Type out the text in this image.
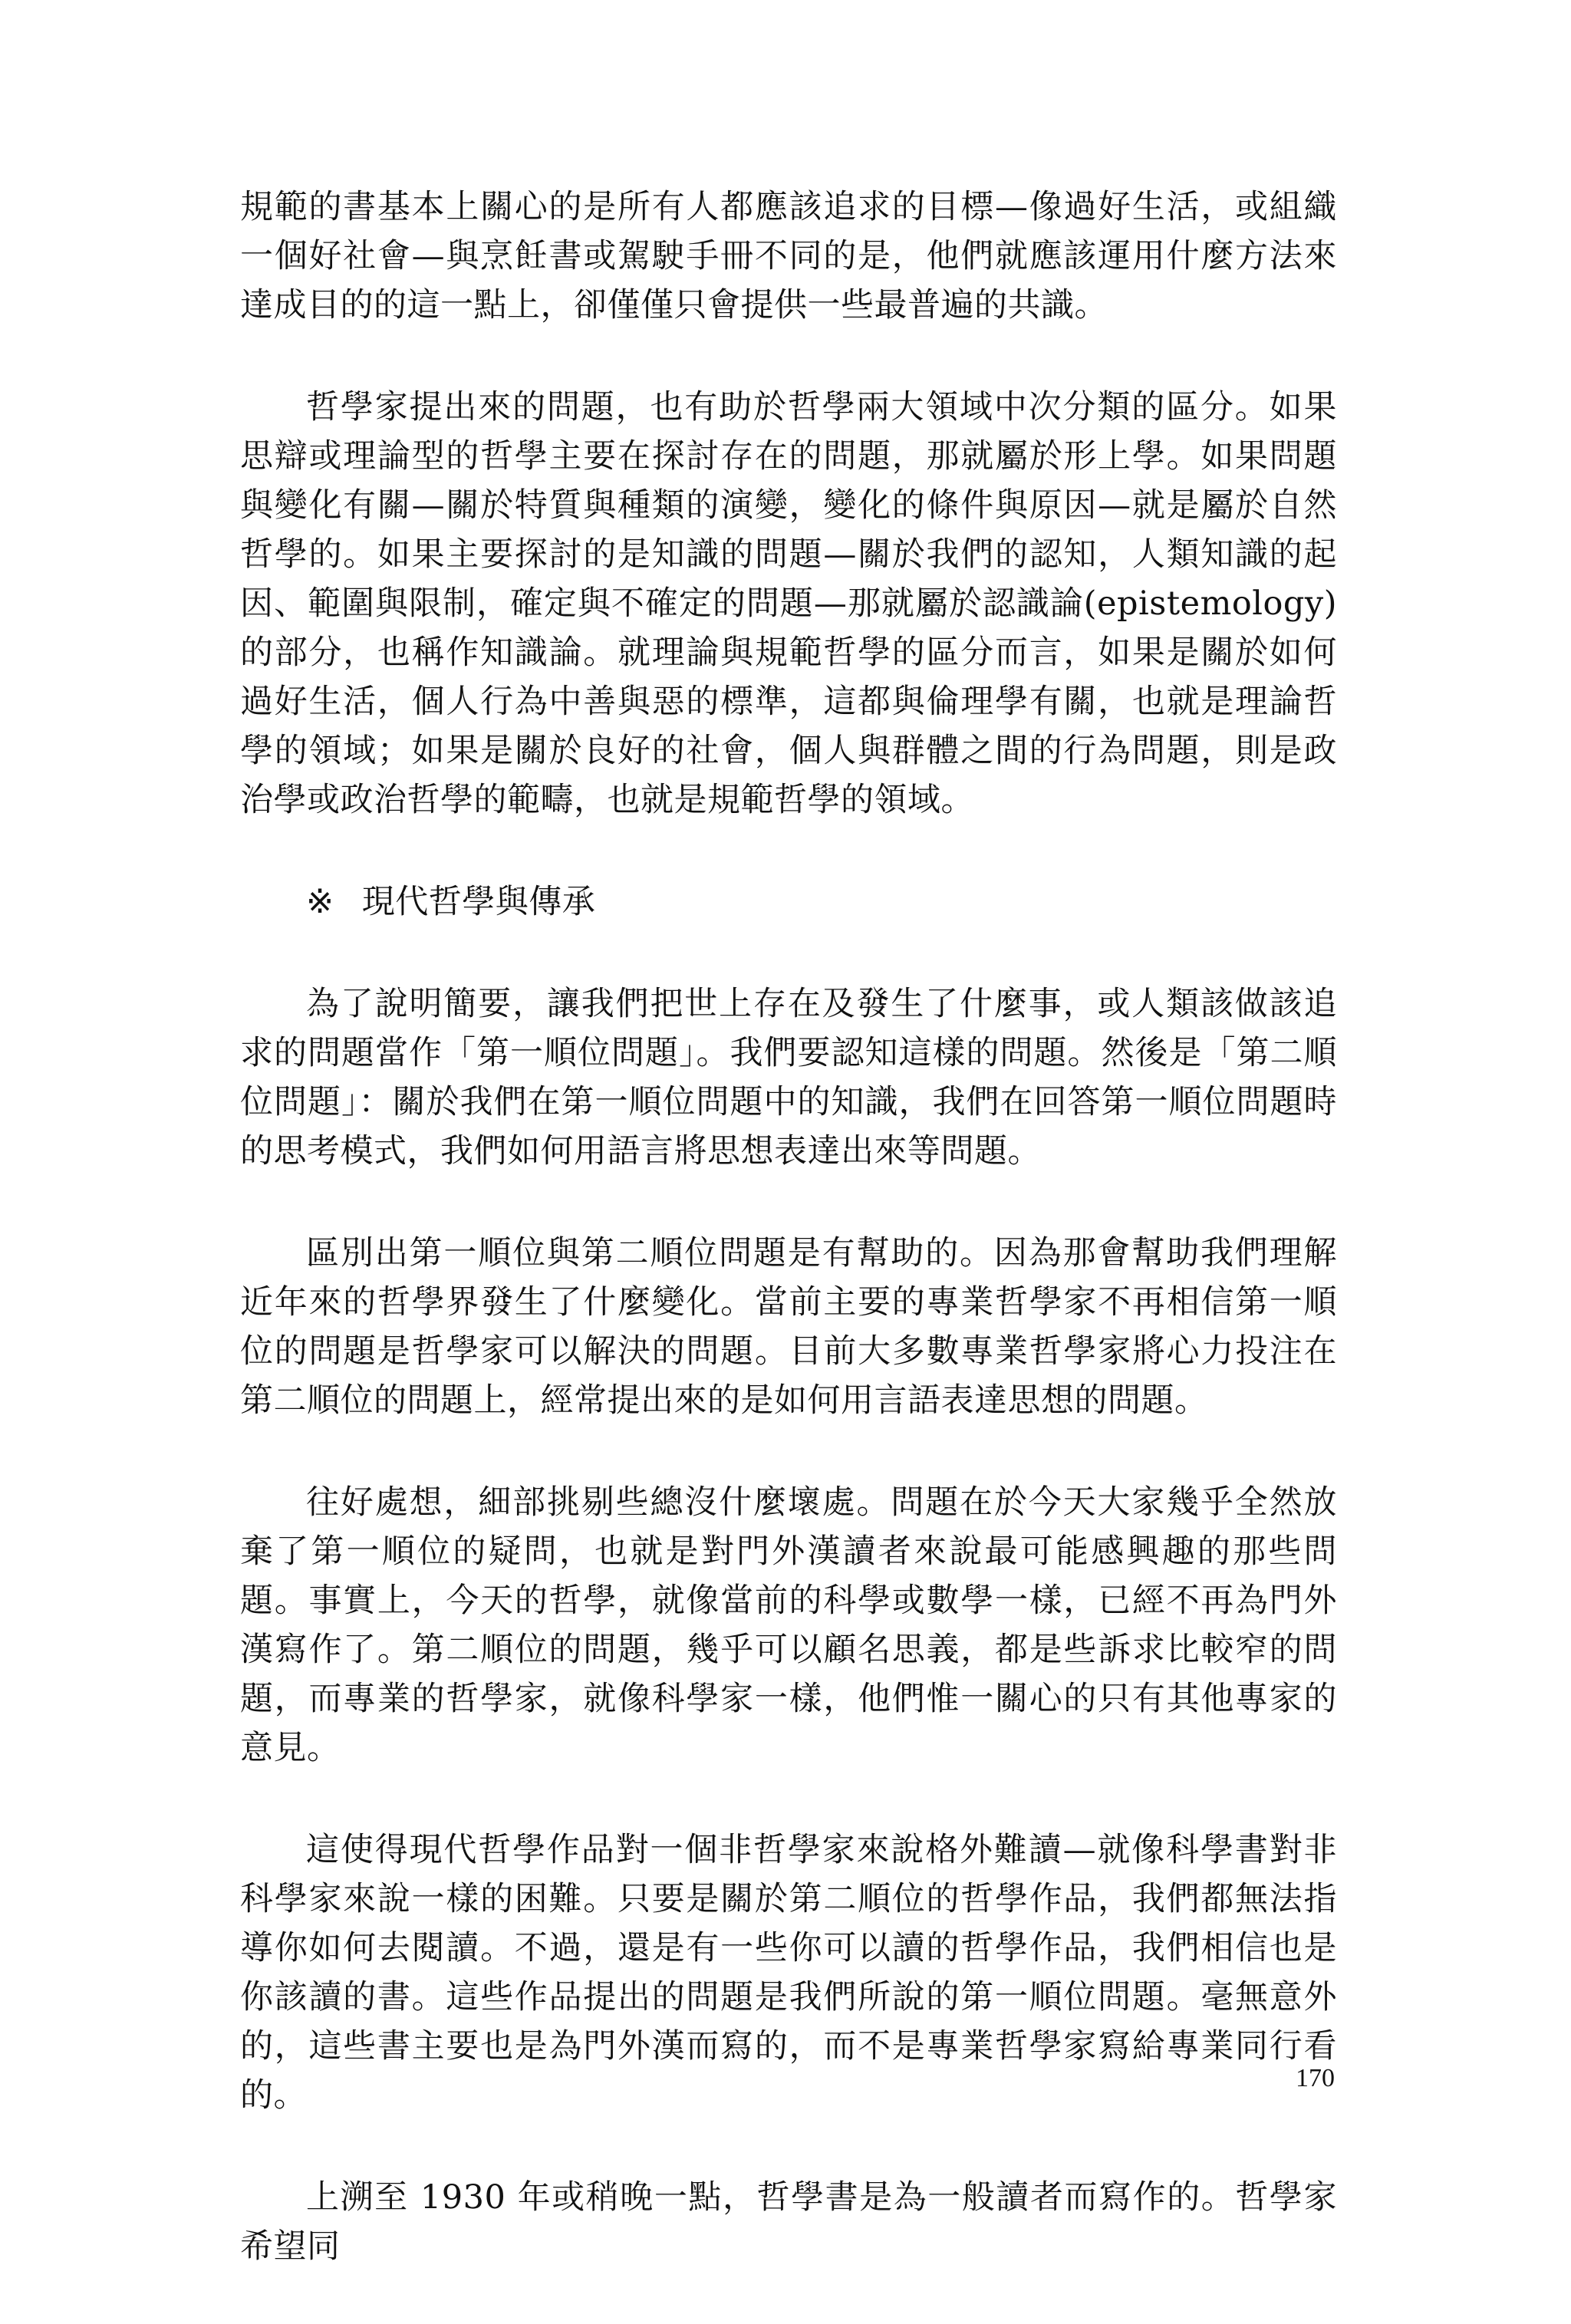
規範的書基本上關心的是所有人都應該追求的目標—像過好生活，或組織一個好社會—與烹飪書或駕駛手冊不同的是，他們就應該運用什麼方法來達成目的的這一點上，卻僅僅只會提供一些最普遍的共識。

哲學家提出來的問題，也有助於哲學兩大領域中次分類的區分。如果思辯或理論型的哲學主要在探討存在的問題，那就屬於形上學。如果問題與變化有關—關於特質與種類的演變，變化的條件與原因—就是屬於自然哲學的。如果主要探討的是知識的問題—關於我們的認知，人類知識的起因、範圍與限制，確定與不確定的問題—那就屬於認識論(epistemology)的部分，也稱作知識論。就理論與規範哲學的區分而言，如果是關於如何過好生活，個人行為中善與惡的標準，這都與倫理學有關，也就是理論哲學的領域；如果是關於良好的社會，個人與群體之間的行為問題，則是政治學或政治哲學的範疇，也就是規範哲學的領域。

※ 現代哲學與傳承

為了說明簡要，讓我們把世上存在及發生了什麼事，或人類該做該追求的問題當作「第一順位問題」。我們要認知這樣的問題。然後是「第二順位問題」：關於我們在第一順位問題中的知識，我們在回答第一順位問題時的思考模式，我們如何用語言將思想表達出來等問題。

區別出第一順位與第二順位問題是有幫助的。因為那會幫助我們理解近年來的哲學界發生了什麼變化。當前主要的專業哲學家不再相信第一順位的問題是哲學家可以解決的問題。目前大多數專業哲學家將心力投注在第二順位的問題上，經常提出來的是如何用言語表達思想的問題。

往好處想，細部挑剔些總沒什麼壞處。問題在於今天大家幾乎全然放棄了第一順位的疑問，也就是對門外漢讀者來說最可能感興趣的那些問題。事實上，今天的哲學，就像當前的科學或數學一樣，已經不再為門外漢寫作了。第二順位的問題，幾乎可以顧名思義，都是些訴求比較窄的問題，而專業的哲學家，就像科學家一樣，他們惟一關心的只有其他專家的意見。

這使得現代哲學作品對一個非哲學家來說格外難讀—就像科學書對非科學家來說一樣的困難。只要是關於第二順位的哲學作品，我們都無法指導你如何去閱讀。不過，還是有一些你可以讀的哲學作品，我們相信也是你該讀的書。這些作品提出的問題是我們所說的第一順位問題。毫無意外的，這些書主要也是為門外漢而寫的，而不是專業哲學家寫給專業同行看的。

上溯至 1930 年或稍晚一點，哲學書是為一般讀者而寫作的。哲學家希望同

170
